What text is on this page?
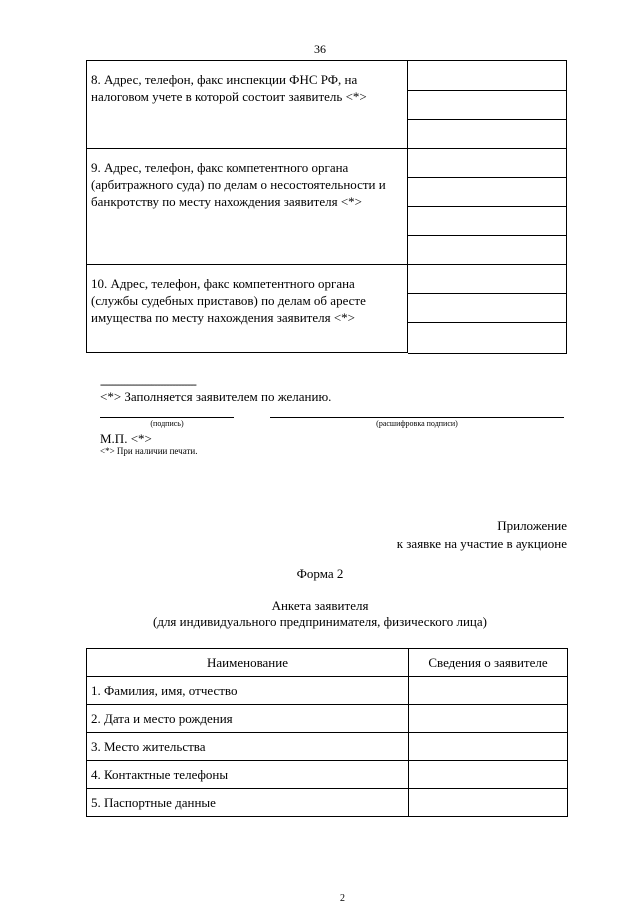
36
8. Адрес, телефон, факс инспекции ФНС РФ, на налоговом учете в которой состоит заявитель <*>
9. Адрес, телефон, факс компетентного органа (арбитражного суда) по делам о несостоятельности и банкротству по месту нахождения заявителя <*>
10. Адрес, телефон, факс компетентного органа (службы судебных приставов) по делам об аресте имущества по месту нахождения заявителя <*>
--------------------------------
<*> Заполняется заявителем по желанию.
(подпись)	(расшифровка подписи)
М.П. <*>
<*> При наличии печати.
Приложение
к заявке на участие в аукционе
Форма 2
Анкета заявителя
(для индивидуального предпринимателя, физического лица)
Наименование	Сведения о заявителе
1. Фамилия, имя, отчество	
2. Дата и место рождения	
3. Место жительства	
4. Контактные телефоны	
5. Паспортные данные	
2
